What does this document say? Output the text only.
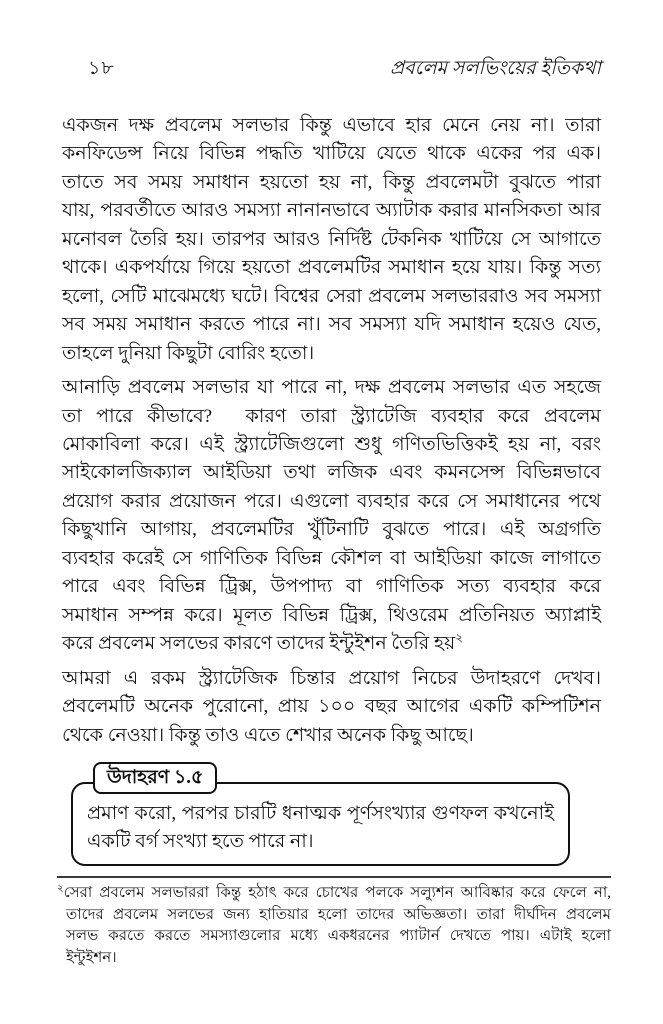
১৮	প্রবলেম সলভিংয়ের ইতিকথা
একজন দক্ষ প্রবলেম সলভার কিন্তু এভাবে হার মেনে নেয় না। তারা
কনফিডেন্স নিয়ে বিভিন্ন পদ্ধতি খাটিয়ে যেতে থাকে একের পর এক।
তাতে সব সময় সমাধান হয়তো হয় না, কিন্তু প্রবলেমটা বুঝতে পারা
যায়, পরবর্তীতে আরও সমস্যা নানানভাবে অ্যাটাক করার মানসিকতা আর
মনোবল তৈরি হয়। তারপর আরও নির্দিষ্ট টেকনিক খাটিয়ে সে আগাতে
থাকে। একপর্যায়ে গিয়ে হয়তো প্রবলেমটির সমাধান হয়ে যায়। কিন্তু সত্য
হলো, সেটি মাঝেমধ্যে ঘটে। বিশ্বের সেরা প্রবলেম সলভাররাও সব সমস্যা
সব সময় সমাধান করতে পারে না। সব সমস্যা যদি সমাধান হয়েও যেত,
তাহলে দুনিয়া কিছুটা বোরিং হতো।
আনাড়ি প্রবলেম সলভার যা পারে না, দক্ষ প্রবলেম সলভার এত সহজে
তা পারে কীভাবে?  কারণ তারা স্ট্র্যাটেজি ব্যবহার করে প্রবলেম
মোকাবিলা করে। এই স্ট্র্যাটেজিগুলো শুধু গণিতভিত্তিকই হয় না, বরং
সাইকোলজিক্যাল আইডিয়া তথা লজিক এবং কমনসেন্স বিভিন্নভাবে
প্রয়োগ করার প্রয়োজন পরে। এগুলো ব্যবহার করে সে সমাধানের পথে
কিছুখানি আগায়, প্রবলেমটির খুঁটিনাটি বুঝতে পারে। এই অগ্রগতি
ব্যবহার করেই সে গাণিতিক বিভিন্ন কৌশল বা আইডিয়া কাজে লাগাতে
পারে এবং বিভিন্ন ট্রিক্স, উপপাদ্য বা গাণিতিক সত্য ব্যবহার করে
সমাধান সম্পন্ন করে। মূলত বিভিন্ন ট্রিক্স, থিওরেম প্রতিনিয়ত অ্যাপ্লাই
করে প্রবলেম সলভের কারণে তাদের ইন্টুইশন তৈরি হয়$^২$
আমরা এ রকম স্ট্র্যাটেজিক চিন্তার প্রয়োগ নিচের উদাহরণে দেখব।
প্রবলেমটি অনেক পুরোনো, প্রায় ১০০ বছর আগের একটি কম্পিটিশন
থেকে নেওয়া। কিন্তু তাও এতে শেখার অনেক কিছু আছে।
উদাহরণ ১.৫
প্রমাণ করো, পরপর চারটি ধনাত্মক পূর্ণসংখ্যার গুণফল কখনোই
একটি বর্গ সংখ্যা হতে পারে না।
$^২$সেরা প্রবলেম সলভাররা কিন্তু হঠাৎ করে চোখের পলকে সল্যুশন আবিষ্কার করে ফেলে না,
তাদের প্রবলেম সলভের জন্য হাতিয়ার হলো তাদের অভিজ্ঞতা। তারা দীর্ঘদিন প্রবলেম
সলভ করতে করতে সমস্যাগুলোর মধ্যে একধরনের প্যাটার্ন দেখতে পায়। এটাই হলো
ইন্টুইশন।
